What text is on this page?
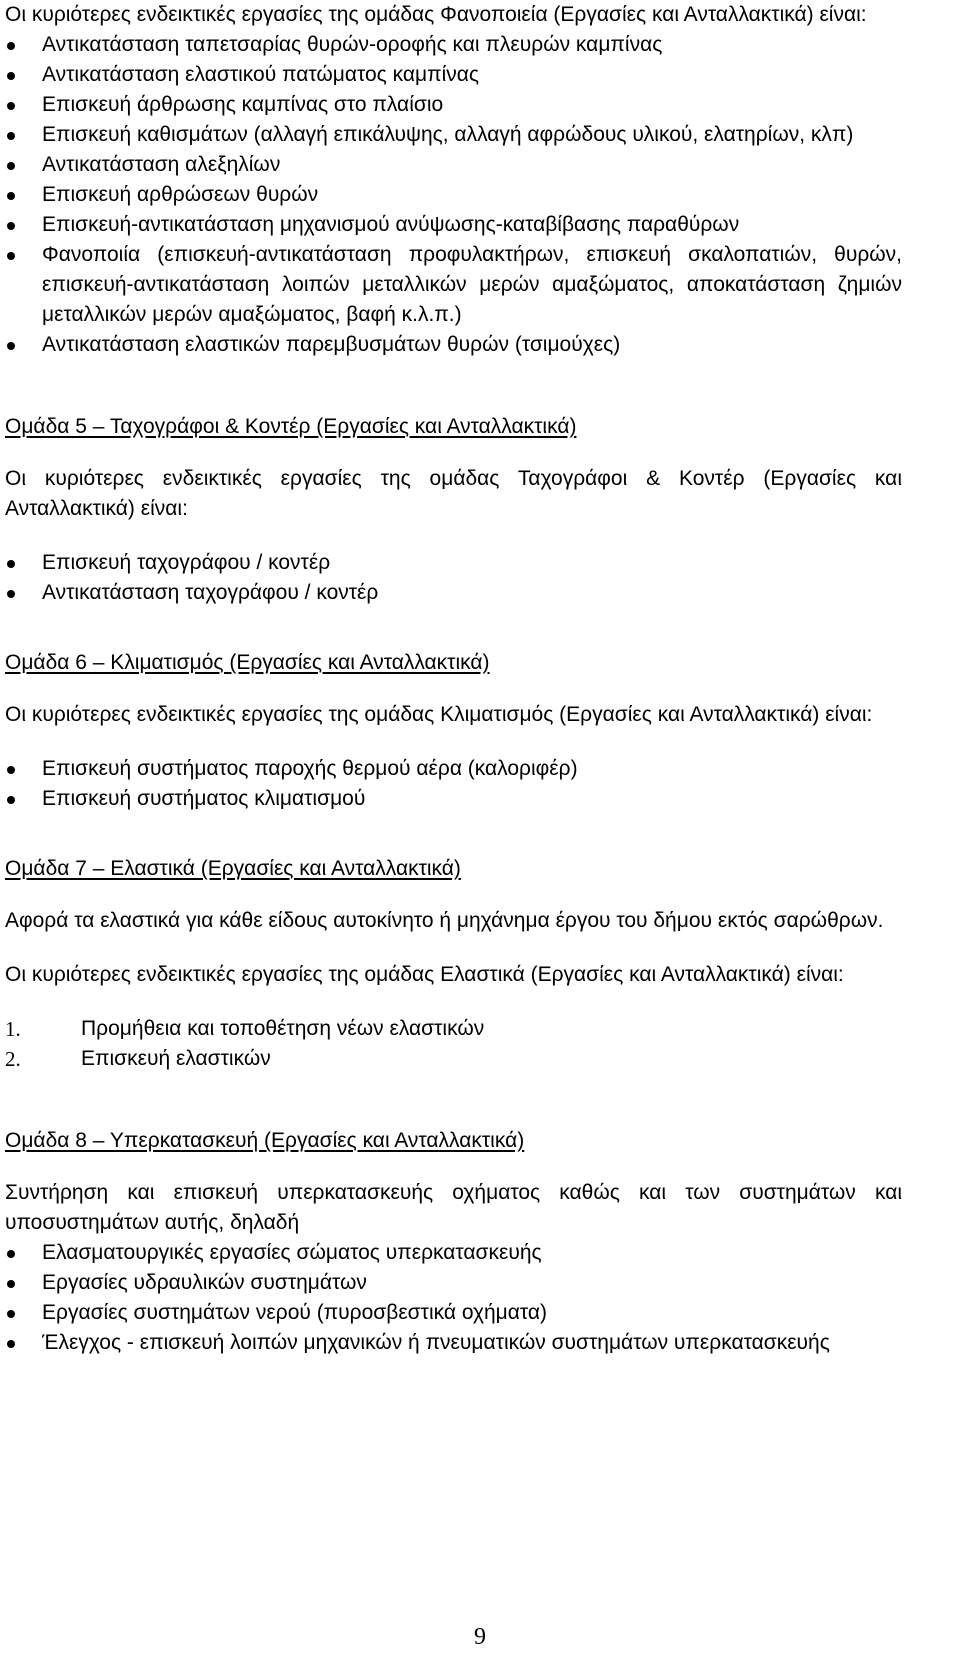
Οι κυριότερες ενδεικτικές εργασίες της ομάδας Φανοποιεία (Εργασίες και Ανταλλακτικά) είναι:

Αντικατάσταση ταπετσαρίας θυρών-οροφής και πλευρών καμπίνας
Αντικατάσταση ελαστικού πατώματος καμπίνας
Επισκευή άρθρωσης καμπίνας στο πλαίσιο
Επισκευή καθισμάτων (αλλαγή επικάλυψης, αλλαγή αφρώδους υλικού, ελατηρίων, κλπ)
Αντικατάσταση αλεξηλίων
Επισκευή αρθρώσεων θυρών
Επισκευή-αντικατάσταση μηχανισμού ανύψωσης-καταβίβασης παραθύρων
Φανοποιία (επισκευή-αντικατάσταση προφυλακτήρων, επισκευή σκαλοπατιών, θυρών, επισκευή-αντικατάσταση λοιπών μεταλλικών μερών αμαξώματος, αποκατάσταση ζημιών μεταλλικών μερών αμαξώματος, βαφή κ.λ.π.)
Αντικατάσταση ελαστικών παρεμβυσμάτων θυρών (τσιμούχες)
Ομάδα 5 – Ταχογράφοι & Κοντέρ (Εργασίες και Ανταλλακτικά)

Οι κυριότερες ενδεικτικές εργασίες της ομάδας Ταχογράφοι & Κοντέρ (Εργασίες και Ανταλλακτικά) είναι:

Επισκευή ταχογράφου / κοντέρ
Αντικατάσταση ταχογράφου / κοντέρ
Ομάδα 6 – Κλιματισμός (Εργασίες και Ανταλλακτικά)

Οι κυριότερες ενδεικτικές εργασίες της ομάδας Κλιματισμός (Εργασίες και Ανταλλακτικά) είναι:

Επισκευή συστήματος παροχής θερμού αέρα (καλοριφέρ)
Επισκευή συστήματος κλιματισμού
Ομάδα 7 – Ελαστικά (Εργασίες και Ανταλλακτικά)

Αφορά τα ελαστικά για κάθε είδους αυτοκίνητο ή μηχάνημα έργου του δήμου εκτός σαρώθρων.

Οι κυριότερες ενδεικτικές εργασίες της ομάδας Ελαστικά (Εργασίες και Ανταλλακτικά) είναι:

1.	Προμήθεια και τοποθέτηση νέων ελαστικών
2.	Επισκευή ελαστικών
Ομάδα 8 – Υπερκατασκευή (Εργασίες και Ανταλλακτικά)

Συντήρηση και επισκευή υπερκατασκευής οχήματος καθώς και των συστημάτων και υποσυστημάτων αυτής, δηλαδή

Ελασματουργικές εργασίες σώματος υπερκατασκευής
Εργασίες υδραυλικών συστημάτων
Εργασίες συστημάτων νερού (πυροσβεστικά οχήματα)
Έλεγχος - επισκευή λοιπών μηχανικών ή πνευματικών συστημάτων υπερκατασκευής
9
